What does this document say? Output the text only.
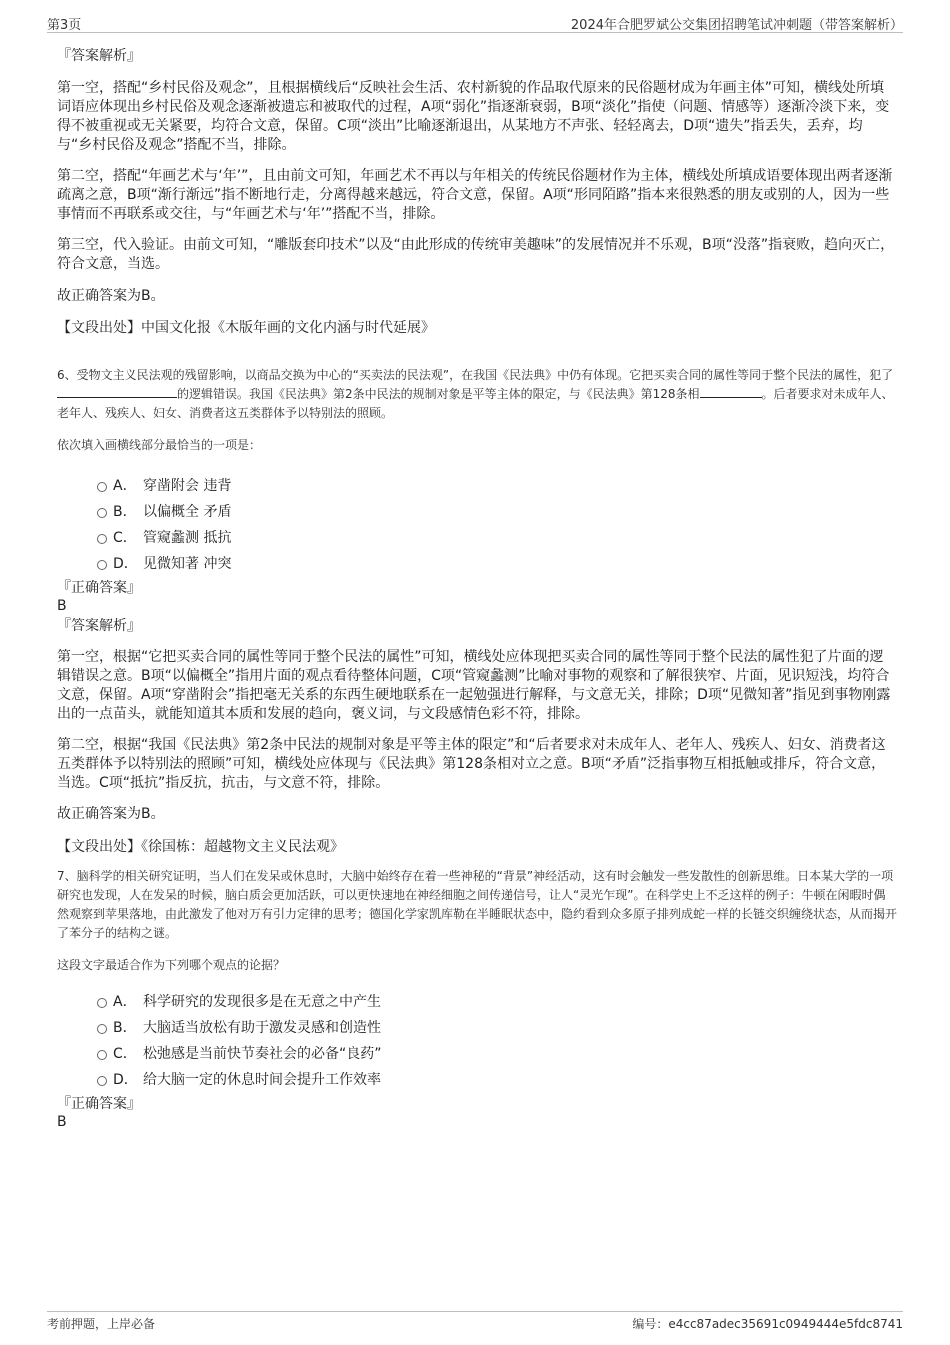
第3页	2024年合肥罗斌公交集团招聘笔试冲刺题（带答案解析）

『答案解析』

第一空，搭配“乡村民俗及观念”，且根据横线后“反映社会生活、农村新貌的作品取代原来的民俗题材成为年画主体”可知，横线处所填词语应体现出乡村民俗及观念逐渐被遗忘和被取代的过程，A项“弱化”指逐渐衰弱，B项“淡化”指使（问题、情感等）逐渐冷淡下来，变得不被重视或无关紧要，均符合文意，保留。C项“淡出”比喻逐渐退出，从某地方不声张、轻轻离去，D项“遗失”指丢失，丢弃，均与“乡村民俗及观念”搭配不当，排除。

第二空，搭配“年画艺术与‘年’”，且由前文可知，年画艺术不再以与年相关的传统民俗题材作为主体，横线处所填成语要体现出两者逐渐疏离之意，B项“渐行渐远”指不断地行走，分离得越来越远，符合文意，保留。A项“形同陌路”指本来很熟悉的朋友或别的人，因为一些事情而不再联系或交往，与“年画艺术与‘年’”搭配不当，排除。

第三空，代入验证。由前文可知，“雕版套印技术”以及“由此形成的传统审美趣味”的发展情况并不乐观，B项“没落”指衰败，趋向灭亡，符合文意，当选。

故正确答案为B。

【文段出处】中国文化报《木版年画的文化内涵与时代延展》

6、受物文主义民法观的残留影响，以商品交换为中心的“买卖法的民法观”，在我国《民法典》中仍有体现。它把买卖合同的属性等同于整个民法的属性，犯了的逻辑错误。我国《民法典》第2条中民法的规制对象是平等主体的限定，与《民法典》第128条相	。后者要求对未成年人、老年人、残疾人、妇女、消费者这五类群体予以特别法的照顾。

依次填入画横线部分最恰当的一项是：

A． 穿凿附会 违背
B． 以偏概全 矛盾
C． 管窥蠡测 抵抗
D． 见微知著 冲突

『正确答案』

B

『答案解析』

第一空，根据“它把买卖合同的属性等同于整个民法的属性”可知，横线处应体现把买卖合同的属性等同于整个民法的属性犯了片面的逻辑错误之意。B项“以偏概全”指用片面的观点看待整体问题，C项“管窥蠡测”比喻对事物的观察和了解很狭窄、片面，见识短浅，均符合文意，保留。A项“穿凿附会”指把毫无关系的东西生硬地联系在一起勉强进行解释，与文意无关，排除；D项“见微知著”指见到事物刚露出的一点苗头，就能知道其本质和发展的趋向，褒义词，与文段感情色彩不符，排除。

第二空，根据“我国《民法典》第2条中民法的规制对象是平等主体的限定”和“后者要求对未成年人、老年人、残疾人、妇女、消费者这五类群体予以特别法的照顾”可知，横线处应体现与《民法典》第128条相对立之意。B项“矛盾”泛指事物互相抵触或排斥，符合文意，当选。C项“抵抗”指反抗，抗击，与文意不符，排除。

故正确答案为B。

【文段出处】《徐国栋：超越物文主义民法观》

7、脑科学的相关研究证明，当人们在发呆或休息时，大脑中始终存在着一些神秘的“背景”神经活动，这有时会触发一些发散性的创新思维。日本某大学的一项研究也发现，人在发呆的时候，脑白质会更加活跃，可以更快速地在神经细胞之间传递信号，让人“灵光乍现”。在科学史上不乏这样的例子：牛顿在闲暇时偶然观察到苹果落地，由此激发了他对万有引力定律的思考；德国化学家凯库勒在半睡眠状态中，隐约看到众多原子排列成蛇一样的长链交织缠绕状态，从而揭开了苯分子的结构之谜。

这段文字最适合作为下列哪个观点的论据？

A． 科学研究的发现很多是在无意之中产生
B． 大脑适当放松有助于激发灵感和创造性
C． 松弛感是当前快节奏社会的必备“良药”
D． 给大脑一定的休息时间会提升工作效率

『正确答案』

B

考前押题，上岸必备	编号：e4cc87adec35691c0949444e5fdc8741
